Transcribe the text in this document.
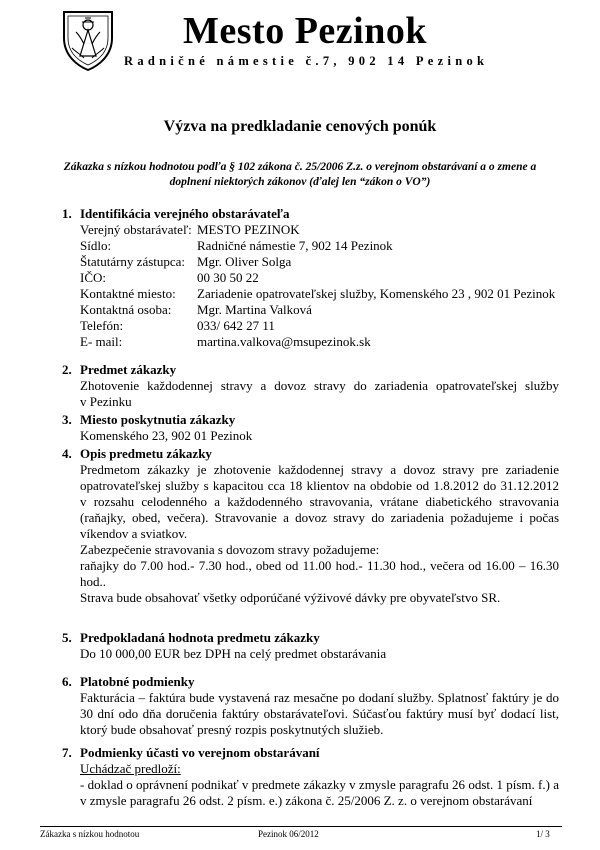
Mesto Pezinok
Radničné námestie č.7, 902 14 Pezinok
Výzva na predkladanie cenových ponúk
Zákazka s nízkou hodnotou podľa § 102 zákona č. 25/2006 Z.z. o verejnom obstarávaní a o zmene a
doplnení niektorých zákonov (ďalej len “zákon o VO”)
1. Identifikácia verejného obstarávateľa
Verejný obstarávateľ: MESTO PEZINOK
Sídlo:	Radničné námestie 7, 902 14 Pezinok
Štatutárny zástupca: Mgr. Oliver Solga
IČO:	00 30 50 22
Kontaktné miesto: Zariadenie opatrovateľskej služby, Komenského 23 , 902 01 Pezinok
Kontaktná osoba: Mgr. Martina Valková
Telefón:	033/ 642 27 11
E- mail:	martina.valkova@msupezinok.sk
2. Predmet zákazky
Zhotovenie každodennej stravy a dovoz stravy do zariadenia opatrovateľskej služby
v Pezinku
3. Miesto poskytnutia zákazky
Komenského 23, 902 01 Pezinok
4. Opis predmetu zákazky
Predmetom zákazky je zhotovenie každodennej stravy a dovoz stravy pre zariadenie
opatrovateľskej služby s kapacitou cca 18 klientov na obdobie od 1.8.2012 do 31.12.2012
v rozsahu celodenného a každodenného stravovania, vrátane diabetického stravovania
(raňajky, obed, večera). Stravovanie a dovoz stravy do zariadenia požadujeme i počas
víkendov a sviatkov.
Zabezpečenie stravovania s dovozom stravy požadujeme:
raňajky do 7.00 hod.- 7.30 hod., obed od 11.00 hod.- 11.30 hod., večera od 16.00 – 16.30
hod..
Strava bude obsahovať všetky odporúčané výživové dávky pre obyvateľstvo SR.
5. Predpokladaná hodnota predmetu zákazky
Do 10 000,00 EUR bez DPH na celý predmet obstarávania
6. Platobné podmienky
Fakturácia – faktúra bude vystavená raz mesačne po dodaní služby. Splatnosť faktúry je do
30 dní odo dňa doručenia faktúry obstarávateľovi. Súčasťou faktúry musí byť dodací list,
ktorý bude obsahovať presný rozpis poskytnutých služieb.
7. Podmienky účasti vo verejnom obstarávaní
Uchádzač predloží:
Zákazka s nízkou hodnotou	Pezinok 06/2012	1/ 3
- doklad o oprávnení podnikať v predmete zákazky v zmysle paragrafu 26 odst. 1 písm. f.) a
v zmysle paragrafu 26 odst. 2 písm. e.) zákona č. 25/2006 Z. z. o verejnom obstarávaní
